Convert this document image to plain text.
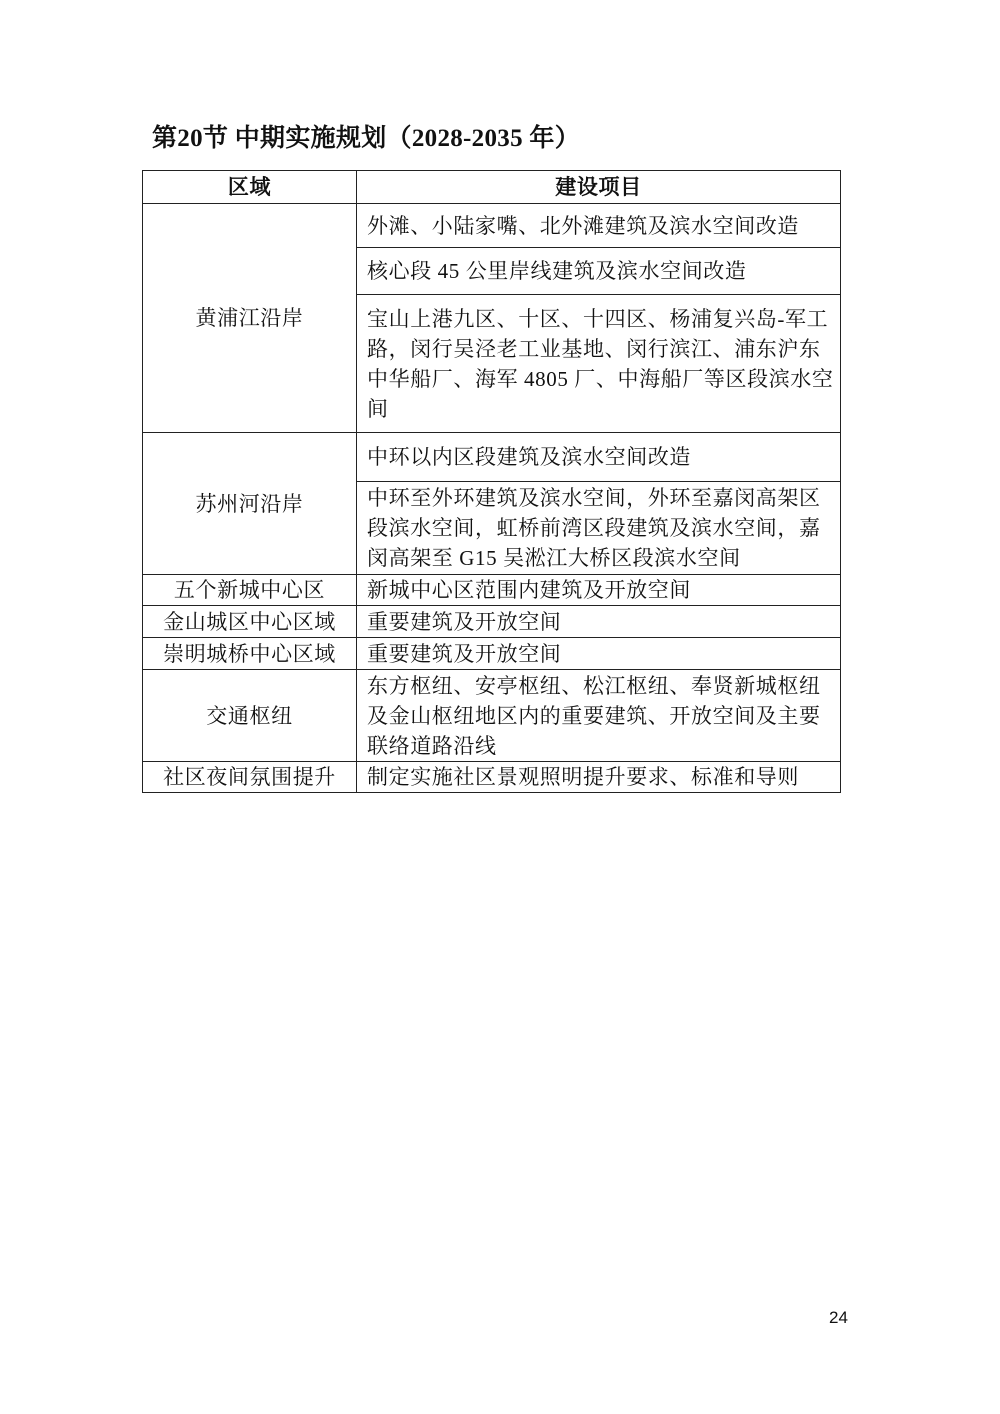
第20节 中期实施规划（2028-2035 年）
区域	建设项目
黄浦江沿岸	外滩、小陆家嘴、北外滩建筑及滨水空间改造
	核心段 45 公里岸线建筑及滨水空间改造
	宝山上港九区、十区、十四区、杨浦复兴岛-军工路，闵行吴泾老工业基地、闵行滨江、浦东沪东中华船厂、海军 4805 厂、中海船厂等区段滨水空间
苏州河沿岸	中环以内区段建筑及滨水空间改造
	中环至外环建筑及滨水空间，外环至嘉闵高架区段滨水空间，虹桥前湾区段建筑及滨水空间，嘉闵高架至 G15 吴淞江大桥区段滨水空间
五个新城中心区	新城中心区范围内建筑及开放空间
金山城区中心区域	重要建筑及开放空间
崇明城桥中心区域	重要建筑及开放空间
交通枢纽	东方枢纽、安亭枢纽、松江枢纽、奉贤新城枢纽及金山枢纽地区内的重要建筑、开放空间及主要联络道路沿线
社区夜间氛围提升	制定实施社区景观照明提升要求、标准和导则
24
